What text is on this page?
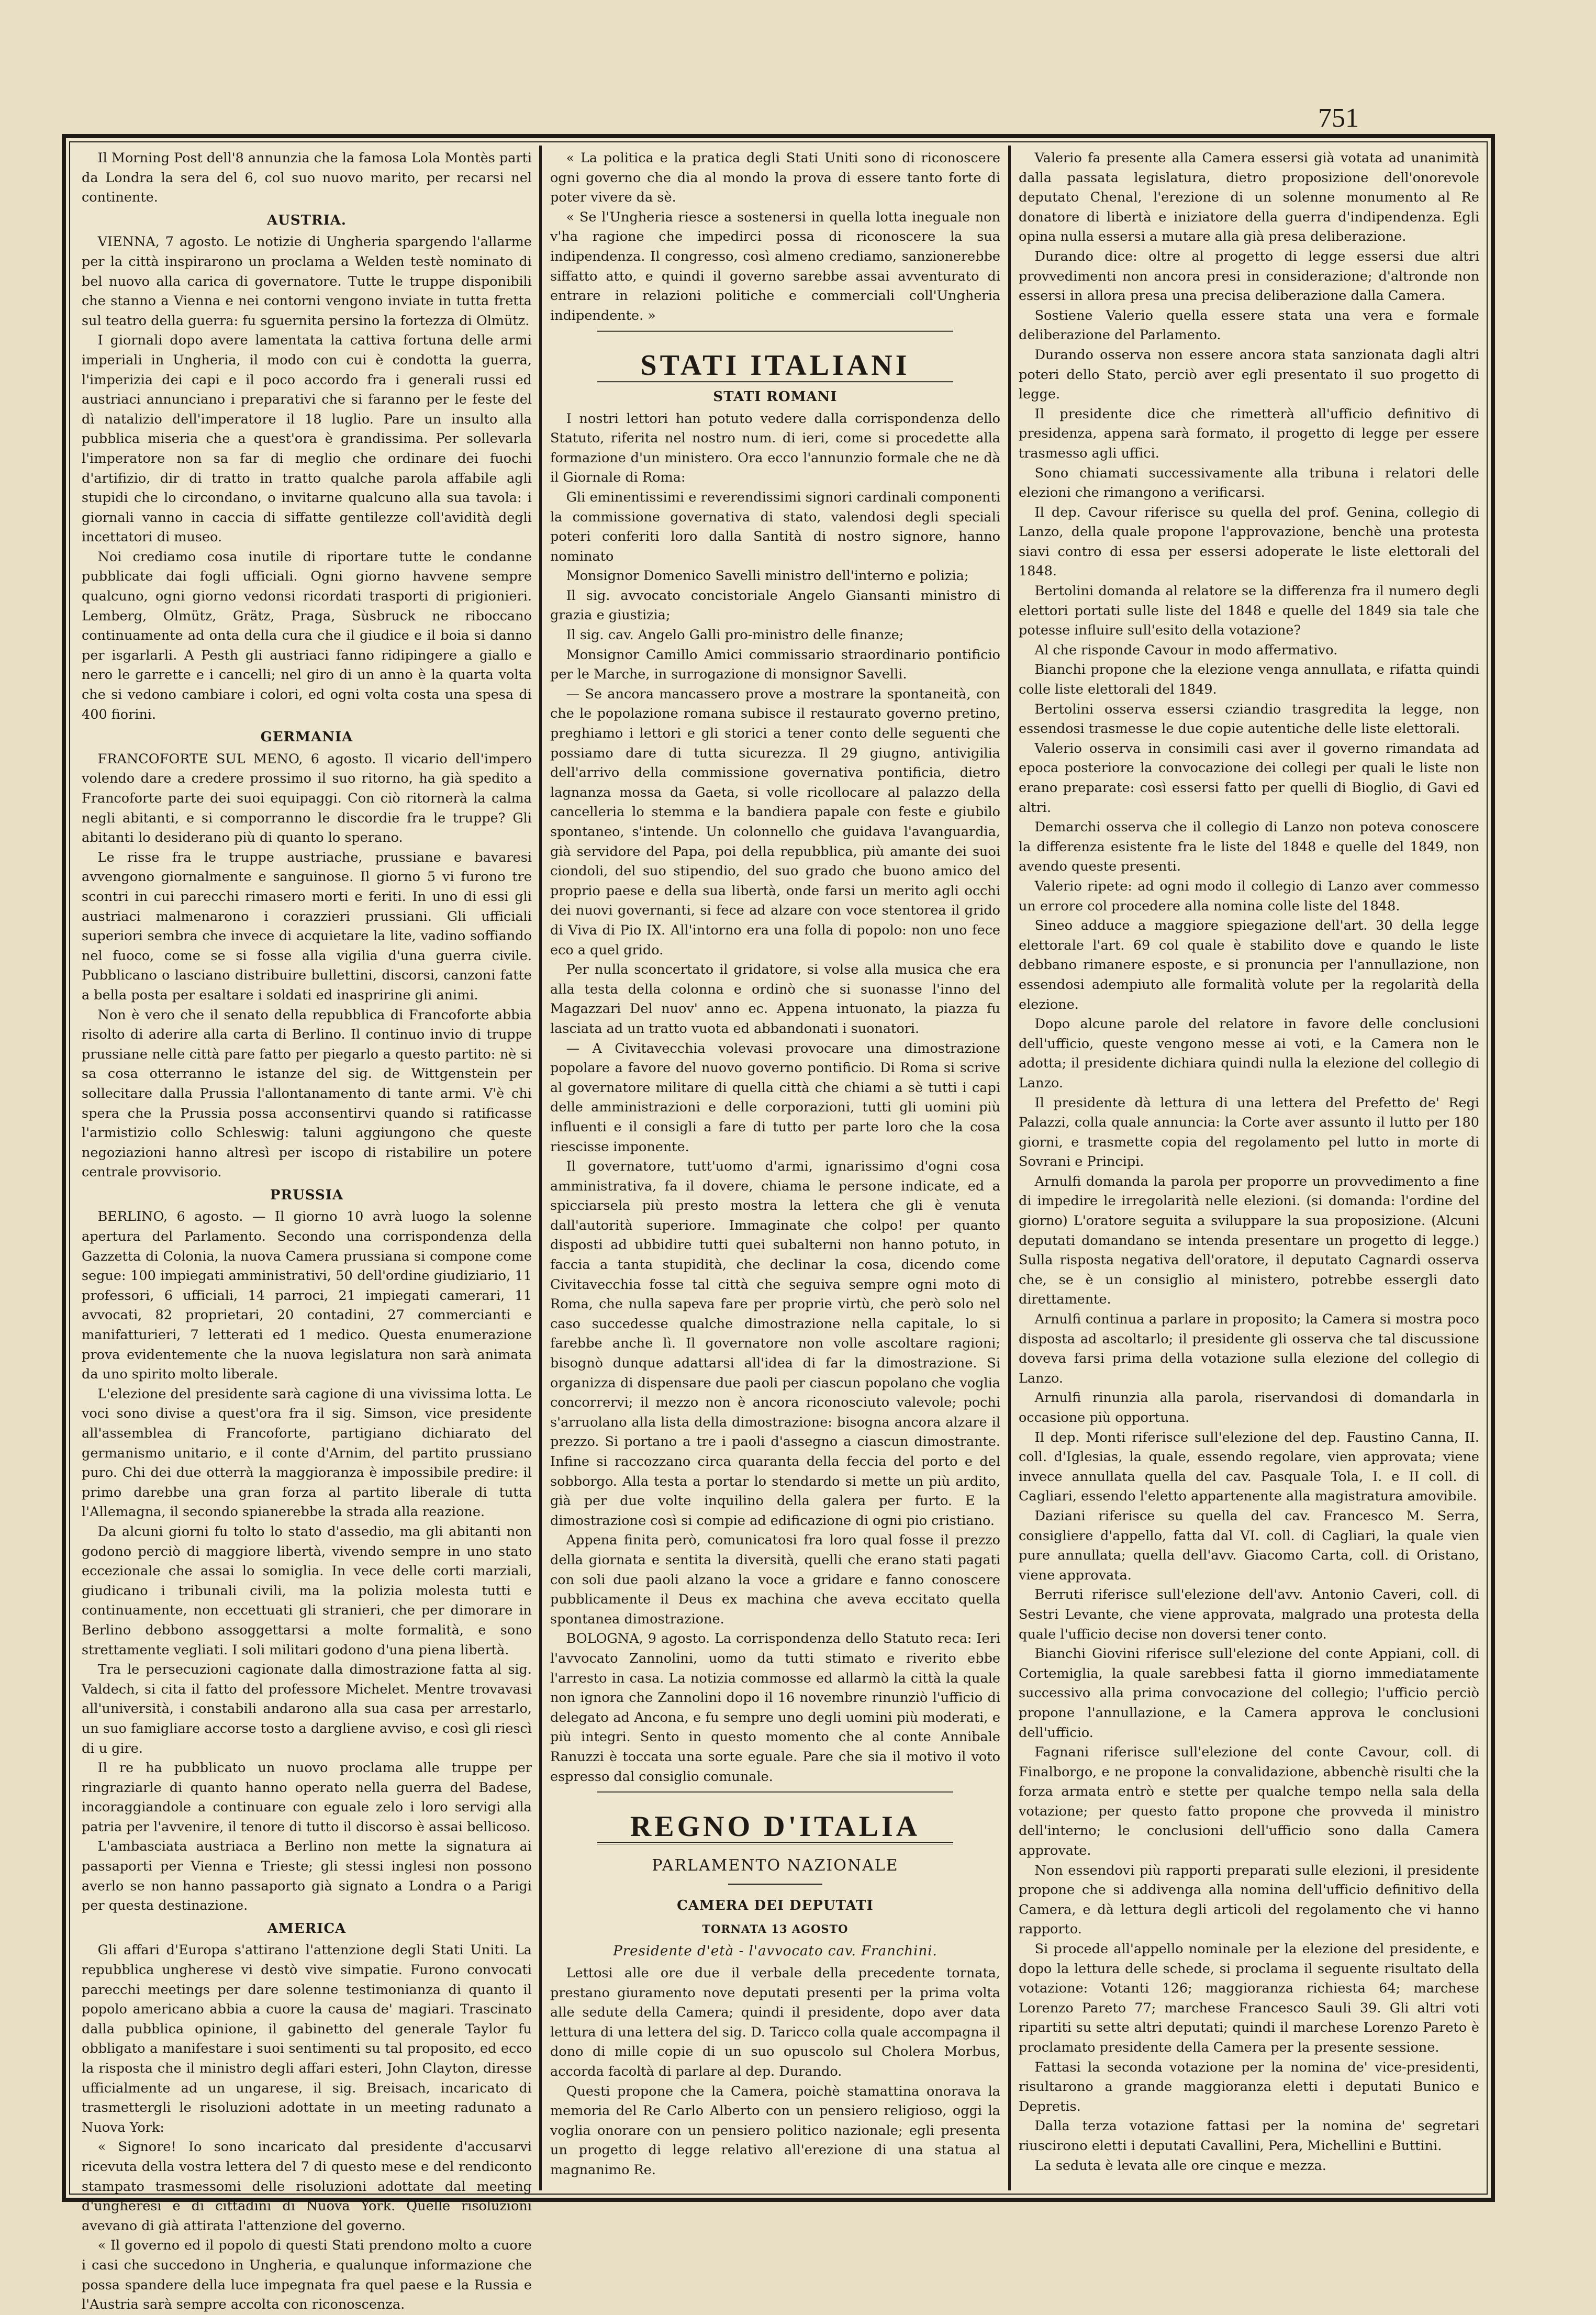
751

Il Morning Post dell'8 annunzia che la famosa Lola Montès parti da Londra la sera del 6, col suo nuovo marito, per recarsi nel continente.

AUSTRIA.

VIENNA, 7 agosto. Le notizie di Ungheria spargendo l'allarme per la città inspirarono un proclama a Welden testè nominato di bel nuovo alla carica di governatore. Tutte le truppe disponibili che stanno a Vienna e nei contorni vengono inviate in tutta fretta sul teatro della guerra: fu sguernita persino la fortezza di Olmütz.

I giornali dopo avere lamentata la cattiva fortuna delle armi imperiali in Ungheria, il modo con cui è condotta la guerra, l'imperizia dei capi e il poco accordo fra i generali russi ed austriaci annunciano i preparativi che si faranno per le feste del dì natalizio dell'imperatore il 18 luglio. Pare un insulto alla pubblica miseria che a quest'ora è grandissima. Per sollevarla l'imperatore non sa far di meglio che ordinare dei fuochi d'artifizio, dir di tratto in tratto qualche parola affabile agli stupidi che lo circondano, o invitarne qualcuno alla sua tavola: i giornali vanno in caccia di siffatte gentilezze coll'avidità degli incettatori di museo.

Noi crediamo cosa inutile di riportare tutte le condanne pubblicate dai fogli ufficiali. Ogni giorno havvene sempre qualcuno, ogni giorno vedonsi ricordati trasporti di prigionieri. Lemberg, Olmütz, Grätz, Praga, Sùsbruck ne riboccano continuamente ad onta della cura che il giudice e il boia si danno per isgarlarli. A Pesth gli austriaci fanno ridipingere a giallo e nero le garrette e i cancelli; nel giro di un anno è la quarta volta che si vedono cambiare i colori, ed ogni volta costa una spesa di 400 fiorini.

GERMANIA

FRANCOFORTE SUL MENO, 6 agosto. Il vicario dell'impero volendo dare a credere prossimo il suo ritorno, ha già spedito a Francoforte parte dei suoi equipaggi. Con ciò ritornerà la calma negli abitanti, e si comporranno le discordie fra le truppe? Gli abitanti lo desiderano più di quanto lo sperano.

Le risse fra le truppe austriache, prussiane e bavaresi avvengono giornalmente e sanguinose. Il giorno 5 vi furono tre scontri in cui parecchi rimasero morti e feriti. In uno di essi gli austriaci malmenarono i corazzieri prussiani. Gli ufficiali superiori sembra che invece di acquietare la lite, vadino soffiando nel fuoco, come se si fosse alla vigilia d'una guerra civile. Pubblicano o lasciano distribuire bullettini, discorsi, canzoni fatte a bella posta per esaltare i soldati ed inaspririne gli animi.

Non è vero che il senato della repubblica di Francoforte abbia risolto di aderire alla carta di Berlino. Il continuo invio di truppe prussiane nelle città pare fatto per piegarlo a questo partito: nè si sa cosa otterranno le istanze del sig. de Wittgenstein per sollecitare dalla Prussia l'allontanamento di tante armi. V'è chi spera che la Prussia possa acconsentirvi quando si ratificasse l'armistizio collo Schleswig: taluni aggiungono che queste negoziazioni hanno altresì per iscopo di ristabilire un potere centrale provvisorio.

PRUSSIA

BERLINO, 6 agosto. — Il giorno 10 avrà luogo la solenne apertura del Parlamento. Secondo una corrispondenza della Gazzetta di Colonia, la nuova Camera prussiana si compone come segue: 100 impiegati amministrativi, 50 dell'ordine giudiziario, 11 professori, 6 ufficiali, 14 parroci, 21 impiegati camerari, 11 avvocati, 82 proprietari, 20 contadini, 27 commercianti e manifatturieri, 7 letterati ed 1 medico. Questa enumerazione prova evidentemente che la nuova legislatura non sarà animata da uno spirito molto liberale.

L'elezione del presidente sarà cagione di una vivissima lotta. Le voci sono divise a quest'ora fra il sig. Simson, vice presidente all'assemblea di Francoforte, partigiano dichiarato del germanismo unitario, e il conte d'Arnim, del partito prussiano puro. Chi dei due otterrà la maggioranza è impossibile predire: il primo darebbe una gran forza al partito liberale di tutta l'Allemagna, il secondo spianerebbe la strada alla reazione.

Da alcuni giorni fu tolto lo stato d'assedio, ma gli abitanti non godono perciò di maggiore libertà, vivendo sempre in uno stato eccezionale che assai lo somiglia. In vece delle corti marziali, giudicano i tribunali civili, ma la polizia molesta tutti e continuamente, non eccettuati gli stranieri, che per dimorare in Berlino debbono assoggettarsi a molte formalità, e sono strettamente vegliati. I soli militari godono d'una piena libertà.

Tra le persecuzioni cagionate dalla dimostrazione fatta al sig. Valdech, si cita il fatto del professore Michelet. Mentre trovavasi all'università, i constabili andarono alla sua casa per arrestarlo, un suo famigliare accorse tosto a dargliene avviso, e così gli riescì di u gire.

Il re ha pubblicato un nuovo proclama alle truppe per ringraziarle di quanto hanno operato nella guerra del Badese, incoraggiandole a continuare con eguale zelo i loro servigi alla patria per l'avvenire, il tenore di tutto il discorso è assai bellicoso.

L'ambasciata austriaca a Berlino non mette la signatura ai passaporti per Vienna e Trieste; gli stessi inglesi non possono averlo se non hanno passaporto già signato a Londra o a Parigi per questa destinazione.

AMERICA

Gli affari d'Europa s'attirano l'attenzione degli Stati Uniti. La repubblica ungherese vi destò vive simpatie. Furono convocati parecchi meetings per dare solenne testimonianza di quanto il popolo americano abbia a cuore la causa de' magiari. Trascinato dalla pubblica opinione, il gabinetto del generale Taylor fu obbligato a manifestare i suoi sentimenti su tal proposito, ed ecco la risposta che il ministro degli affari esteri, John Clayton, diresse ufficialmente ad un ungarese, il sig. Breisach, incaricato di trasmettergli le risoluzioni adottate in un meeting radunato a Nuova York:

« Signore! Io sono incaricato dal presidente d'accusarvi ricevuta della vostra lettera del 7 di questo mese e del rendiconto stampato trasmessomi delle risoluzioni adottate dal meeting d'ungheresi e di cittadini di Nuova York. Quelle risoluzioni avevano di già attirata l'attenzione del governo.

« Il governo ed il popolo di questi Stati prendono molto a cuore i casi che succedono in Ungheria, e qualunque informazione che possa spandere della luce impegnata fra quel paese e la Russia e l'Austria sarà sempre accolta con riconoscenza.

« La politica e la pratica degli Stati Uniti sono di riconoscere ogni governo che dia al mondo la prova di essere tanto forte di poter vivere da sè.

« Se l'Ungheria riesce a sostenersi in quella lotta ineguale non v'ha ragione che impedirci possa di riconoscere la sua indipendenza. Il congresso, così almeno crediamo, sanzionerebbe siffatto atto, e quindi il governo sarebbe assai avventurato di entrare in relazioni politiche e commerciali coll'Ungheria indipendente. »

STATI ITALIANI

STATI ROMANI

I nostri lettori han potuto vedere dalla corrispondenza dello Statuto, riferita nel nostro num. di ieri, come si procedette alla formazione d'un ministero. Ora ecco l'annunzio formale che ne dà il Giornale di Roma:

Gli eminentissimi e reverendissimi signori cardinali componenti la commissione governativa di stato, valendosi degli speciali poteri conferiti loro dalla Santità di nostro signore, hanno nominato

Monsignor Domenico Savelli ministro dell'interno e polizia;

Il sig. avvocato concistoriale Angelo Giansanti ministro di grazia e giustizia;

Il sig. cav. Angelo Galli pro-ministro delle finanze;

Monsignor Camillo Amici commissario straordinario pontificio per le Marche, in surrogazione di monsignor Savelli.

— Se ancora mancassero prove a mostrare la spontaneità, con che le popolazione romana subisce il restaurato governo pretino, preghiamo i lettori e gli storici a tener conto delle seguenti che possiamo dare di tutta sicurezza. Il 29 giugno, antivigilia dell'arrivo della commissione governativa pontificia, dietro lagnanza mossa da Gaeta, si volle ricollocare al palazzo della cancelleria lo stemma e la bandiera papale con feste e giubilo spontaneo, s'intende. Un colonnello che guidava l'avanguardia, già servidore del Papa, poi della repubblica, più amante dei suoi ciondoli, del suo stipendio, del suo grado che buono amico del proprio paese e della sua libertà, onde farsi un merito agli occhi dei nuovi governanti, si fece ad alzare con voce stentorea il grido di Viva di Pio IX. All'intorno era una folla di popolo: non uno fece eco a quel grido.

Per nulla sconcertato il gridatore, si volse alla musica che era alla testa della colonna e ordinò che si suonasse l'inno del Magazzari Del nuov' anno ec. Appena intuonato, la piazza fu lasciata ad un tratto vuota ed abbandonati i suonatori.

— A Civitavecchia volevasi provocare una dimostrazione popolare a favore del nuovo governo pontificio. Di Roma si scrive al governatore militare di quella città che chiami a sè tutti i capi delle amministrazioni e delle corporazioni, tutti gli uomini più influenti e il consigli a fare di tutto per parte loro che la cosa riescisse imponente.

Il governatore, tutt'uomo d'armi, ignarissimo d'ogni cosa amministrativa, fa il dovere, chiama le persone indicate, ed a spicciarsela più presto mostra la lettera che gli è venuta dall'autorità superiore. Immaginate che colpo! per quanto disposti ad ubbidire tutti quei subalterni non hanno potuto, in faccia a tanta stupidità, che declinar la cosa, dicendo come Civitavecchia fosse tal città che seguiva sempre ogni moto di Roma, che nulla sapeva fare per proprie virtù, che però solo nel caso succedesse qualche dimostrazione nella capitale, lo si farebbe anche lì. Il governatore non volle ascoltare ragioni; bisognò dunque adattarsi all'idea di far la dimostrazione. Si organizza di dispensare due paoli per ciascun popolano che voglia concorrervi; il mezzo non è ancora riconosciuto valevole; pochi s'arruolano alla lista della dimostrazione: bisogna ancora alzare il prezzo. Si portano a tre i paoli d'assegno a ciascun dimostrante. Infine si raccozzano circa quaranta della feccia del porto e del sobborgo. Alla testa a portar lo stendardo si mette un più ardito, già per due volte inquilino della galera per furto. E la dimostrazione così si compie ad edificazione di ogni pio cristiano.

Appena finita però, comunicatosi fra loro qual fosse il prezzo della giornata e sentita la diversità, quelli che erano stati pagati con soli due paoli alzano la voce a gridare e fanno conoscere pubblicamente il Deus ex machina che aveva eccitato quella spontanea dimostrazione.

BOLOGNA, 9 agosto. La corrispondenza dello Statuto reca: Ieri l'avvocato Zannolini, uomo da tutti stimato e riverito ebbe l'arresto in casa. La notizia commosse ed allarmò la città la quale non ignora che Zannolini dopo il 16 novembre rinunziò l'ufficio di delegato ad Ancona, e fu sempre uno degli uomini più moderati, e più integri. Sento in questo momento che al conte Annibale Ranuzzi è toccata una sorte eguale. Pare che sia il motivo il voto espresso dal consiglio comunale.

REGNO D'ITALIA
PARLAMENTO NAZIONALE

CAMERA DEI DEPUTATI

TORNATA 13 AGOSTO

Presidente d'età - l'avvocato cav. Franchini.

Lettosi alle ore due il verbale della precedente tornata, prestano giuramento nove deputati presenti per la prima volta alle sedute della Camera; quindi il presidente, dopo aver data lettura di una lettera del sig. D. Taricco colla quale accompagna il dono di mille copie di un suo opuscolo sul Cholera Morbus, accorda facoltà di parlare al dep. Durando.

Questi propone che la Camera, poichè stamattina onorava la memoria del Re Carlo Alberto con un pensiero religioso, oggi la voglia onorare con un pensiero politico nazionale; egli presenta un progetto di legge relativo all'erezione di una statua al magnanimo Re.

Valerio fa presente alla Camera essersi già votata ad unanimità dalla passata legislatura, dietro proposizione dell'onorevole deputato Chenal, l'erezione di un solenne monumento al Re donatore di libertà e iniziatore della guerra d'indipendenza. Egli opina nulla essersi a mutare alla già presa deliberazione.

Durando dice: oltre al progetto di legge essersi due altri provvedimenti non ancora presi in considerazione; d'altronde non essersi in allora presa una precisa deliberazione dalla Camera.

Sostiene Valerio quella essere stata una vera e formale deliberazione del Parlamento.

Durando osserva non essere ancora stata sanzionata dagli altri poteri dello Stato, perciò aver egli presentato il suo progetto di legge.

Il presidente dice che rimetterà all'ufficio definitivo di presidenza, appena sarà formato, il progetto di legge per essere trasmesso agli uffici.

Sono chiamati successivamente alla tribuna i relatori delle elezioni che rimangono a verificarsi.

Il dep. Cavour riferisce su quella del prof. Genina, collegio di Lanzo, della quale propone l'approvazione, benchè una protesta siavi contro di essa per essersi adoperate le liste elettorali del 1848.

Bertolini domanda al relatore se la differenza fra il numero degli elettori portati sulle liste del 1848 e quelle del 1849 sia tale che potesse influire sull'esito della votazione?

Al che risponde Cavour in modo affermativo.

Bianchi propone che la elezione venga annullata, e rifatta quindi colle liste elettorali del 1849.

Bertolini osserva essersi cziandio trasgredita la legge, non essendosi trasmesse le due copie autentiche delle liste elettorali.

Valerio osserva in consimili casi aver il governo rimandata ad epoca posteriore la convocazione dei collegi per quali le liste non erano preparate: così essersi fatto per quelli di Bioglio, di Gavi ed altri.

Demarchi osserva che il collegio di Lanzo non poteva conoscere la differenza esistente fra le liste del 1848 e quelle del 1849, non avendo queste presenti.

Valerio ripete: ad ogni modo il collegio di Lanzo aver commesso un errore col procedere alla nomina colle liste del 1848.

Sineo adduce a maggiore spiegazione dell'art. 30 della legge elettorale l'art. 69 col quale è stabilito dove e quando le liste debbano rimanere esposte, e si pronuncia per l'annullazione, non essendosi adempiuto alle formalità volute per la regolarità della elezione.

Dopo alcune parole del relatore in favore delle conclusioni dell'ufficio, queste vengono messe ai voti, e la Camera non le adotta; il presidente dichiara quindi nulla la elezione del collegio di Lanzo.

Il presidente dà lettura di una lettera del Prefetto de' Regi Palazzi, colla quale annuncia: la Corte aver assunto il lutto per 180 giorni, e trasmette copia del regolamento pel lutto in morte di Sovrani e Principi.

Arnulfi domanda la parola per proporre un provvedimento a fine di impedire le irregolarità nelle elezioni. (si domanda: l'ordine del giorno) L'oratore seguita a sviluppare la sua proposizione. (Alcuni deputati domandano se intenda presentare un progetto di legge.) Sulla risposta negativa dell'oratore, il deputato Cagnardi osserva che, se è un consiglio al ministero, potrebbe essergli dato direttamente.

Arnulfi continua a parlare in proposito; la Camera si mostra poco disposta ad ascoltarlo; il presidente gli osserva che tal discussione doveva farsi prima della votazione sulla elezione del collegio di Lanzo.

Arnulfi rinunzia alla parola, riservandosi di domandarla in occasione più opportuna.

Il dep. Monti riferisce sull'elezione del dep. Faustino Canna, II. coll. d'Iglesias, la quale, essendo regolare, vien approvata; viene invece annullata quella del cav. Pasquale Tola, I. e II coll. di Cagliari, essendo l'eletto appartenente alla magistratura amovibile.

Daziani riferisce su quella del cav. Francesco M. Serra, consigliere d'appello, fatta dal VI. coll. di Cagliari, la quale vien pure annullata; quella dell'avv. Giacomo Carta, coll. di Oristano, viene approvata.

Berruti riferisce sull'elezione dell'avv. Antonio Caveri, coll. di Sestri Levante, che viene approvata, malgrado una protesta della quale l'ufficio decise non doversi tener conto.

Bianchi Giovini riferisce sull'elezione del conte Appiani, coll. di Cortemiglia, la quale sarebbesi fatta il giorno immediatamente successivo alla prima convocazione del collegio; l'ufficio perciò propone l'annullazione, e la Camera approva le conclusioni dell'ufficio.

Fagnani riferisce sull'elezione del conte Cavour, coll. di Finalborgo, e ne propone la convalidazione, abbenchè risulti che la forza armata entrò e stette per qualche tempo nella sala della votazione; per questo fatto propone che provveda il ministro dell'interno; le conclusioni dell'ufficio sono dalla Camera approvate.

Non essendovi più rapporti preparati sulle elezioni, il presidente propone che si addivenga alla nomina dell'ufficio definitivo della Camera, e dà lettura degli articoli del regolamento che vi hanno rapporto.

Si procede all'appello nominale per la elezione del presidente, e dopo la lettura delle schede, si proclama il seguente risultato della votazione: Votanti 126; maggioranza richiesta 64; marchese Lorenzo Pareto 77; marchese Francesco Sauli 39. Gli altri voti ripartiti su sette altri deputati; quindi il marchese Lorenzo Pareto è proclamato presidente della Camera per la presente sessione.

Fattasi la seconda votazione per la nomina de' vice-presidenti, risultarono a grande maggioranza eletti i deputati Bunico e Depretis.

Dalla terza votazione fattasi per la nomina de' segretari riuscirono eletti i deputati Cavallini, Pera, Michellini e Buttini.

La seduta è levata alle ore cinque e mezza.
